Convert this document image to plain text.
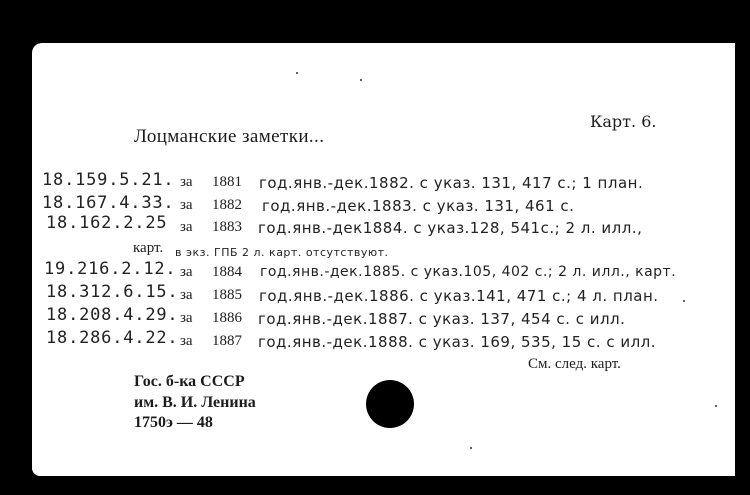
Карт. 6.
Лоцманские заметки...
18.159.5.21. за 1881 год.янв.-дек.1882. с указ. 131, 417 с.; 1 план.
18.167.4.33. за 1882 год.янв.-дек.1883. с указ. 131, 461 с.
18.162.2.25 за 1883 год.янв.-дек1884. с указ.128, 541с.; 2 л. илл.,
карт. в экз. ГПБ 2 л. карт. отсутствуют.
19.216.2.12. за 1884 год.янв.-дек.1885. с указ.105, 402 с.; 2 л. илл., карт.
18.312.6.15. за 1885 год.янв.-дек.1886. с указ.141, 471 с.; 4 л. план.
18.208.4.29. за 1886 год.янв.-дек.1887. с указ. 137, 454 с. с илл.
18.286.4.22. за 1887 год.янв.-дек.1888. с указ. 169, 535, 15 с. с илл.
См. след. карт.
Гос. б-ка СССР
им. В. И. Ленина
1750э — 48
